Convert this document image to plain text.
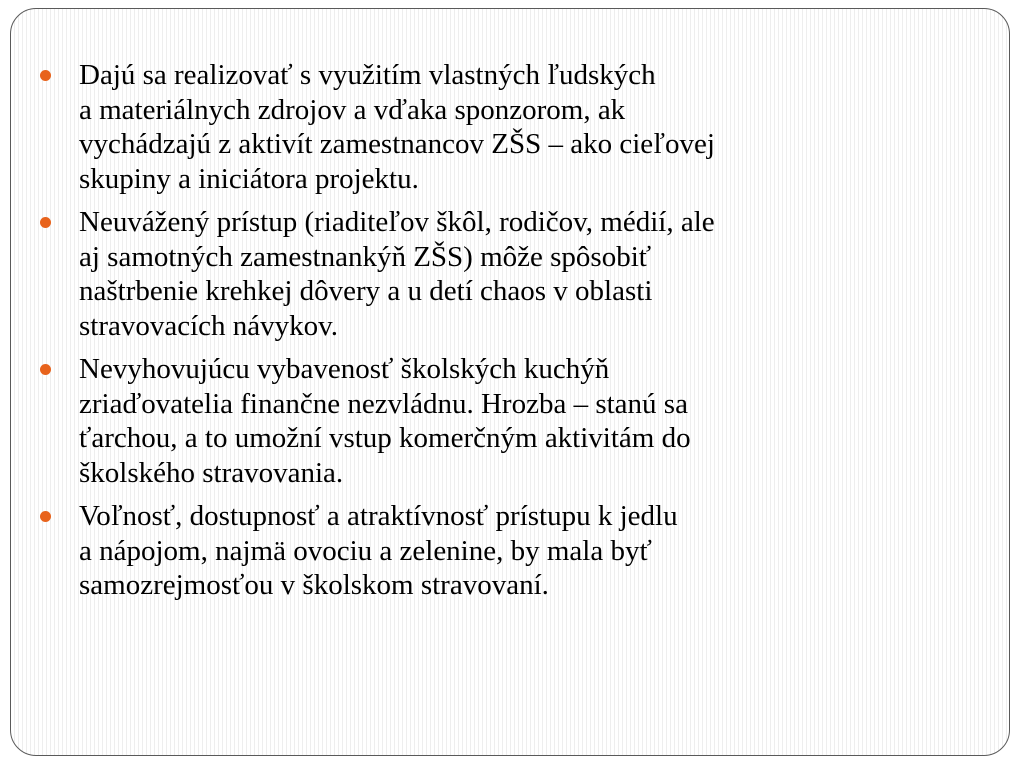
Dajú sa realizovať s využitím vlastných ľudských
a materiálnych zdrojov a vďaka sponzorom, ak
vychádzajú z aktivít zamestnancov ZŠS – ako cieľovej
skupiny a iniciátora projektu.
Neuvážený prístup (riaditeľov škôl, rodičov, médií, ale
aj samotných zamestnankýň ZŠS) môže spôsobiť
naštrbenie krehkej dôvery a u detí chaos v oblasti
stravovacích návykov.
Nevyhovujúcu vybavenosť školských kuchýň
zriaďovatelia finančne nezvládnu. Hrozba – stanú sa
ťarchou, a to umožní vstup komerčným aktivitám do
školského stravovania.
Voľnosť, dostupnosť a atraktívnosť prístupu k jedlu
a nápojom, najmä ovociu a zelenine, by mala byť
samozrejmosťou v školskom stravovaní.
